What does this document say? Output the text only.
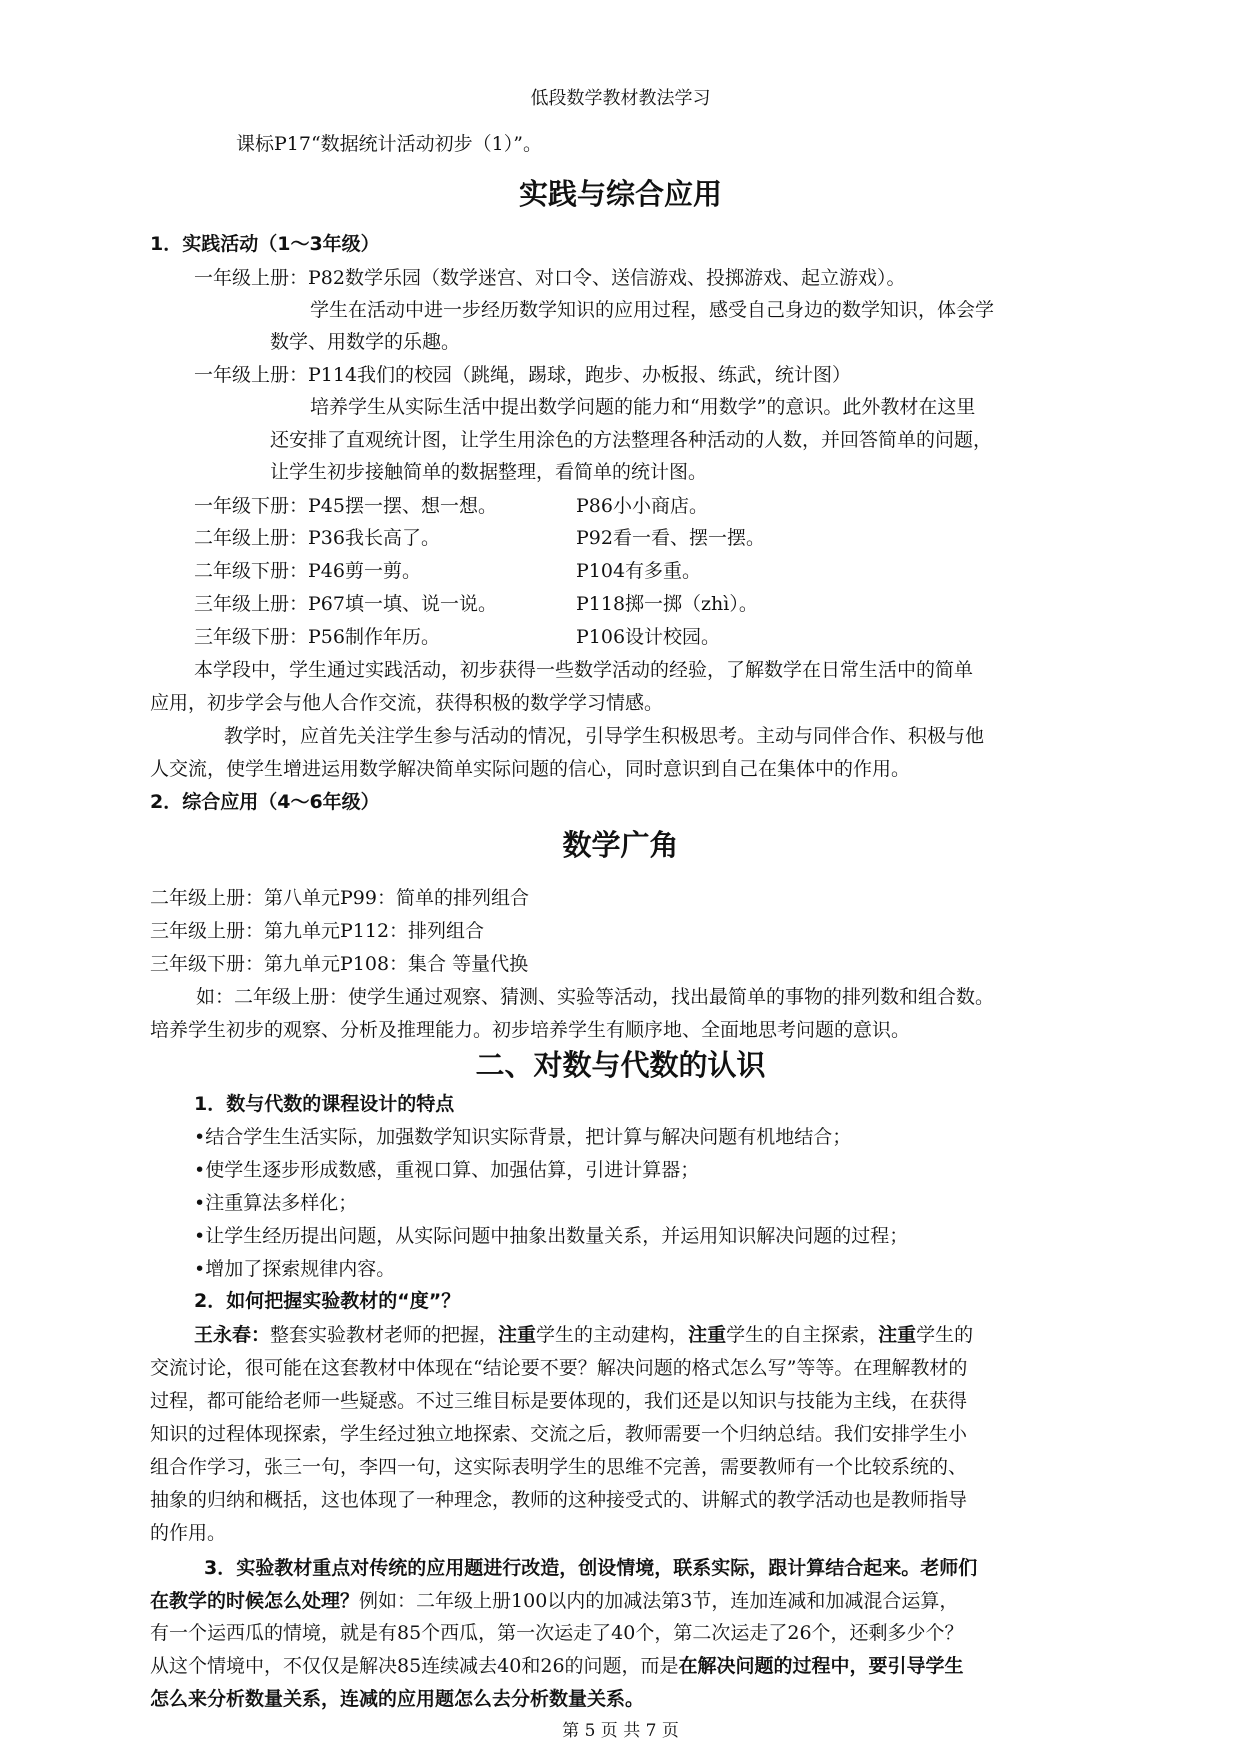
低段数学教材教法学习
课标P17“数据统计活动初步（1）”。
实践与综合应用
1．实践活动（1～3年级）
一年级上册：P82数学乐园（数学迷宫、对口令、送信游戏、投掷游戏、起立游戏）。
学生在活动中进一步经历数学知识的应用过程，感受自己身边的数学知识，体会学
数学、用数学的乐趣。
一年级上册：P114我们的校园（跳绳，踢球，跑步、办板报、练武，统计图）
培养学生从实际生活中提出数学问题的能力和“用数学”的意识。此外教材在这里
还安排了直观统计图，让学生用涂色的方法整理各种活动的人数，并回答简单的问题，
让学生初步接触简单的数据整理，看简单的统计图。
一年级下册：P45摆一摆、想一想。	P86小小商店。
二年级上册：P36我长高了。	P92看一看、摆一摆。
二年级下册：P46剪一剪。	P104有多重。
三年级上册：P67填一填、说一说。	P118掷一掷（zhì）。
三年级下册：P56制作年历。	P106设计校园。
本学段中，学生通过实践活动，初步获得一些数学活动的经验，了解数学在日常生活中的简单
应用，初步学会与他人合作交流，获得积极的数学学习情感。
教学时，应首先关注学生参与活动的情况，引导学生积极思考。主动与同伴合作、积极与他
人交流，使学生增进运用数学解决简单实际问题的信心，同时意识到自己在集体中的作用。
2．综合应用（4～6年级）
数学广角
二年级上册：第八单元P99：简单的排列组合
三年级上册：第九单元P112：排列组合
三年级下册：第九单元P108：集合 等量代换
如：二年级上册：使学生通过观察、猜测、实验等活动，找出最简单的事物的排列数和组合数。
培养学生初步的观察、分析及推理能力。初步培养学生有顺序地、全面地思考问题的意识。
二、对数与代数的认识
1．数与代数的课程设计的特点
•结合学生生活实际，加强数学知识实际背景，把计算与解决问题有机地结合；
•使学生逐步形成数感，重视口算、加强估算，引进计算器；
•注重算法多样化；
•让学生经历提出问题，从实际问题中抽象出数量关系，并运用知识解决问题的过程；
•增加了探索规律内容。
2．如何把握实验教材的“度”？
王永春：整套实验教材老师的把握，注重学生的主动建构，注重学生的自主探索，注重学生的
交流讨论，很可能在这套教材中体现在“结论要不要？解决问题的格式怎么写”等等。在理解教材的
过程，都可能给老师一些疑惑。不过三维目标是要体现的，我们还是以知识与技能为主线，在获得
知识的过程体现探索，学生经过独立地探索、交流之后，教师需要一个归纳总结。我们安排学生小
组合作学习，张三一句，李四一句，这实际表明学生的思维不完善，需要教师有一个比较系统的、
抽象的归纳和概括，这也体现了一种理念，教师的这种接受式的、讲解式的教学活动也是教师指导
的作用。
3．实验教材重点对传统的应用题进行改造，创设情境，联系实际，跟计算结合起来。老师们
在教学的时候怎么处理？例如：二年级上册100以内的加减法第3节，连加连减和加减混合运算，
有一个运西瓜的情境，就是有85个西瓜，第一次运走了40个，第二次运走了26个，还剩多少个？
从这个情境中，不仅仅是解决85连续减去40和26的问题，而是在解决问题的过程中，要引导学生
怎么来分析数量关系，连减的应用题怎么去分析数量关系。
第 5 页 共 7 页
